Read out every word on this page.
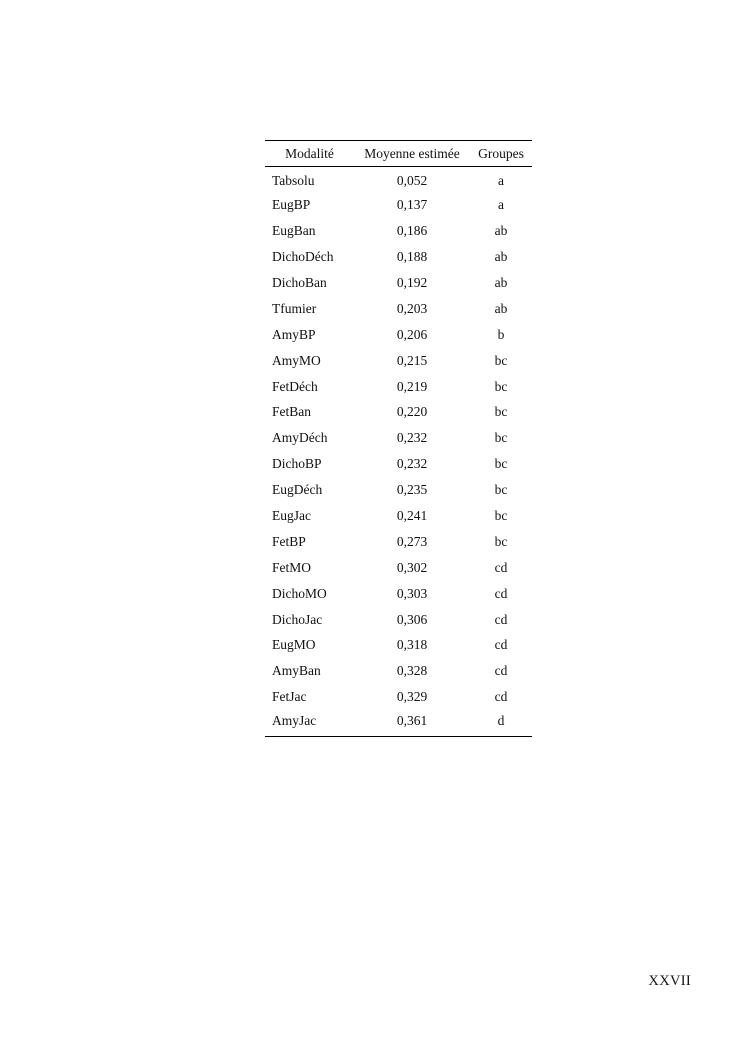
Modalité	Moyenne estimée	Groupes
Tabsolu	0,052	a
EugBP	0,137	a
EugBan	0,186	ab
DichoDéch	0,188	ab
DichoBan	0,192	ab
Tfumier	0,203	ab
AmyBP	0,206	b
AmyMO	0,215	bc
FetDéch	0,219	bc
FetBan	0,220	bc
AmyDéch	0,232	bc
DichoBP	0,232	bc
EugDéch	0,235	bc
EugJac	0,241	bc
FetBP	0,273	bc
FetMO	0,302	cd
DichoMO	0,303	cd
DichoJac	0,306	cd
EugMO	0,318	cd
AmyBan	0,328	cd
FetJac	0,329	cd
AmyJac	0,361	d
XXVII
